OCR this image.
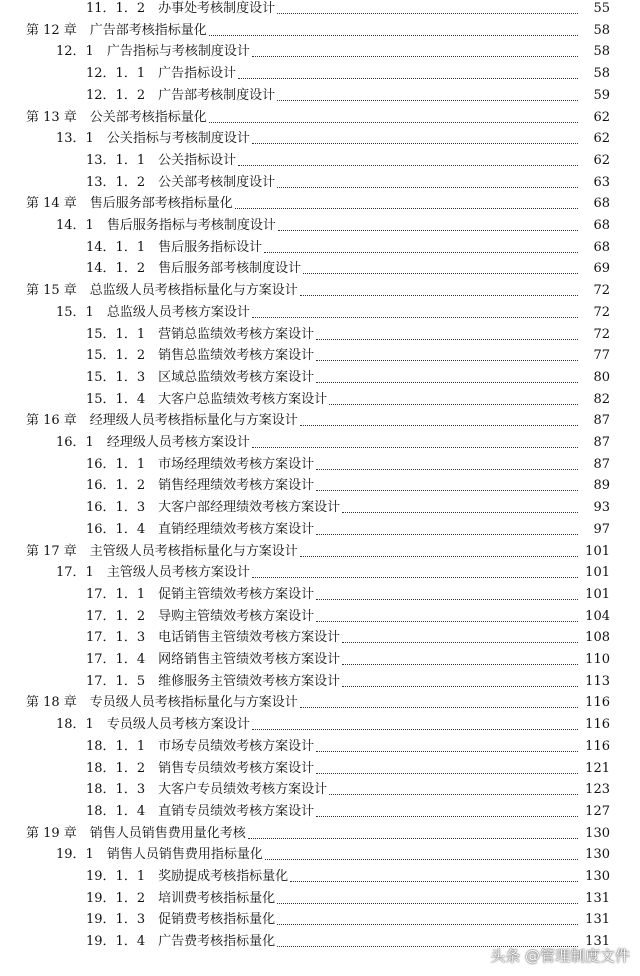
11．1．2　办事处考核制度设计	55
第 12 章　广告部考核指标量化	58
12．1　广告指标与考核制度设计	58
12．1．1　广告指标设计	58
12．1．2　广告部考核制度设计	59
第 13 章　公关部考核指标量化	62
13．1　公关指标与考核制度设计	62
13．1．1　公关指标设计	62
13．1．2　公关部考核制度设计	63
第 14 章　售后服务部考核指标量化	68
14．1　售后服务指标与考核制度设计	68
14．1．1　售后服务指标设计	68
14．1．2　售后服务部考核制度设计	69
第 15 章　总监级人员考核指标量化与方案设计	72
15．1　总监级人员考核方案设计	72
15．1．1　营销总监绩效考核方案设计	72
15．1．2　销售总监绩效考核方案设计	77
15．1．3　区域总监绩效考核方案设计	80
15．1．4　大客户总监绩效考核方案设计	82
第 16 章　经理级人员考核指标量化与方案设计	87
16．1　经理级人员考核方案设计	87
16．1．1　市场经理绩效考核方案设计	87
16．1．2　销售经理绩效考核方案设计	89
16．1．3　大客户部经理绩效考核方案设计	93
16．1．4　直销经理绩效考核方案设计	97
第 17 章　主管级人员考核指标量化与方案设计	101
17．1　主管级人员考核方案设计	101
17．1．1　促销主管绩效考核方案设计	101
17．1．2　导购主管绩效考核方案设计	104
17．1．3　电话销售主管绩效考核方案设计	108
17．1．4　网络销售主管绩效考核方案设计	110
17．1．5　维修服务主管绩效考核方案设计	113
第 18 章　专员级人员考核指标量化与方案设计	116
18．1　专员级人员考核方案设计	116
18．1．1　市场专员绩效考核方案设计	116
18．1．2　销售专员绩效考核方案设计	121
18．1．3　大客户专员绩效考核方案设计	123
18．1．4　直销专员绩效考核方案设计	127
第 19 章　销售人员销售费用量化考核	130
19．1　销售人员销售费用指标量化	130
19．1．1　奖励提成考核指标量化	130
19．1．2　培训费考核指标量化	131
19．1．3　促销费考核指标量化	131
19．1．4　广告费考核指标量化	131
头条 @管理制度文件
